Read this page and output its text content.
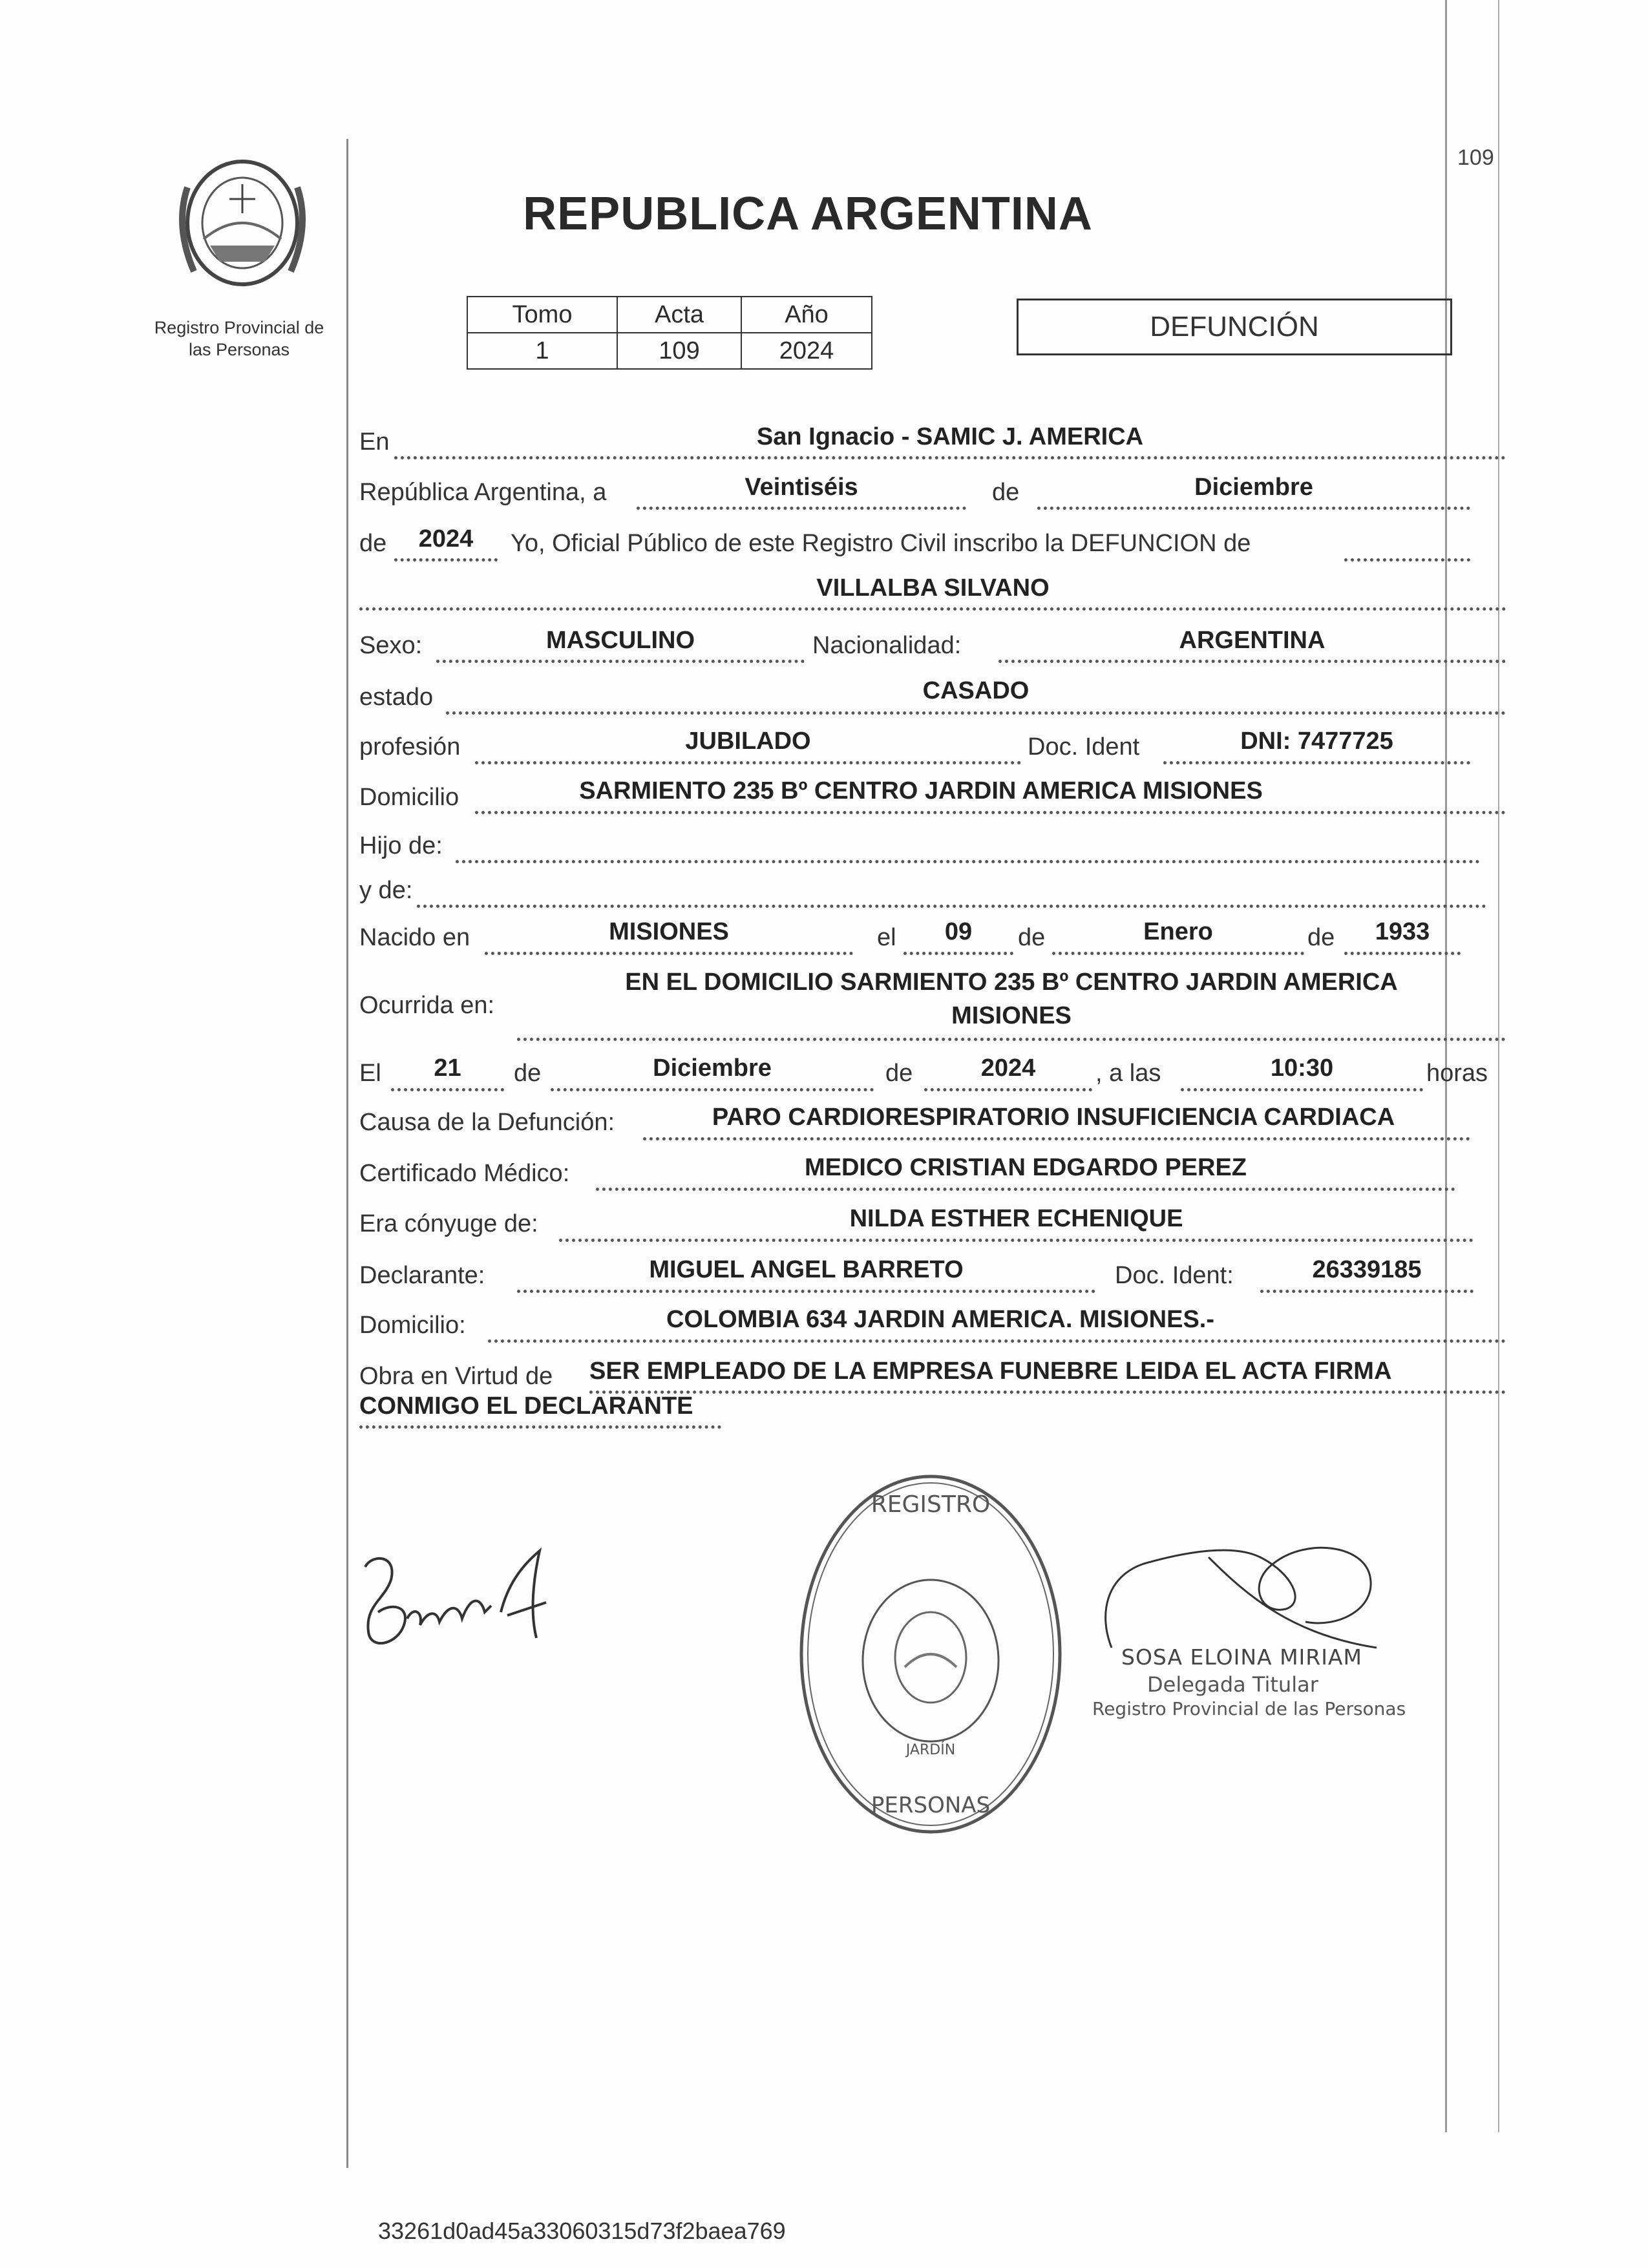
Registro Provincial de
las Personas
REPUBLICA ARGENTINA
109
Tomo	Acta	Año
1	109	2024
DEFUNCIÓN
En	San Ignacio - SAMIC J. AMERICA
República Argentina, a	Veintiséis	de	Diciembre
de	2024	Yo, Oficial Público de este Registro Civil inscribo la DEFUNCION de
VILLALBA SILVANO
Sexo:	MASCULINO	Nacionalidad:	ARGENTINA
estado	CASADO
profesión	JUBILADO	Doc. Ident	DNI: 7477725
Domicilio	SARMIENTO 235 Bº CENTRO JARDIN AMERICA MISIONES
Hijo de:
y de:
Nacido en	MISIONES	el	09	de	Enero	de	1933
Ocurrida en:
EN EL DOMICILIO SARMIENTO 235 Bº CENTRO JARDIN AMERICA
MISIONES
El	21	de	Diciembre	de	2024	, a las	10:30	horas
Causa de la Defunción:	PARO CARDIORESPIRATORIO INSUFICIENCIA CARDIACA
Certificado Médico:	MEDICO CRISTIAN EDGARDO PEREZ
Era cónyuge de:	NILDA ESTHER ECHENIQUE
Declarante:	MIGUEL ANGEL BARRETO	Doc. Ident:	26339185
Domicilio:	COLOMBIA 634 JARDIN AMERICA. MISIONES.-
Obra en Virtud de SER EMPLEADO DE LA EMPRESA FUNEBRE LEIDA EL ACTA FIRMA
CONMIGO EL DECLARANTE
REGISTRO
PERSONAS
JARDÍN
SOSA ELOINA MIRIAM
Delegada Titular
Registro Provincial de las Personas
33261d0ad45a33060315d73f2baea769
